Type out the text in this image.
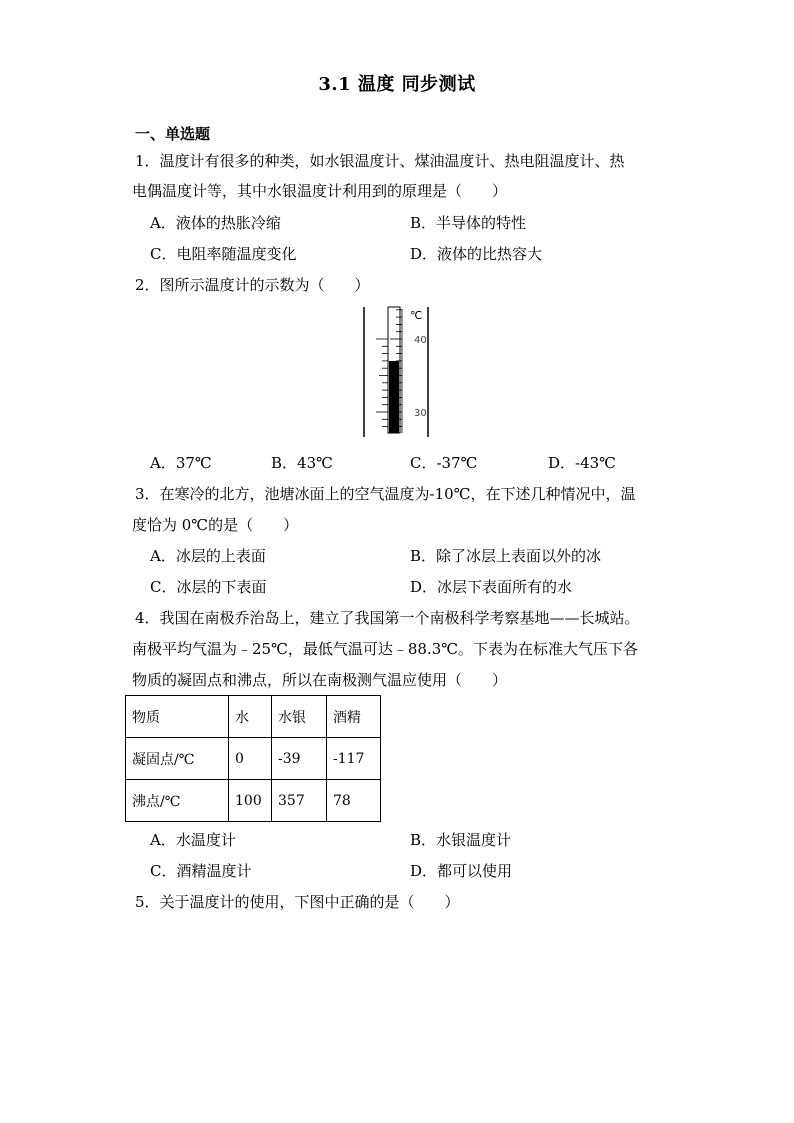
3.1 温度 同步测试
一、单选题
1．温度计有很多的种类，如水银温度计、煤油温度计、热电阻温度计、热
电偶温度计等，其中水银温度计利用到的原理是（　　）
A．液体的热胀冷缩	B．半导体的特性
C．电阻率随温度变化	D．液体的比热容大
2．图所示温度计的示数为（　　）
℃
40
30
A．37℃	B．43℃	C．-37℃	D．-43℃
3．在寒冷的北方，池塘冰面上的空气温度为-10℃，在下述几种情况中，温
度恰为 0℃的是（　　）
A．冰层的上表面	B．除了冰层上表面以外的冰
C．冰层的下表面	D．冰层下表面所有的水
4．我国在南极乔治岛上，建立了我国第一个南极科学考察基地——长城站。
南极平均气温为﹣25℃，最低气温可达﹣88.3℃。下表为在标准大气压下各
物质的凝固点和沸点，所以在南极测气温应使用（　　）
物质	水	水银	酒精
凝固点/℃	0	-39	-117
沸点/℃	100	357	78
A．水温度计	B．水银温度计
C．酒精温度计	D．都可以使用
5．关于温度计的使用，下图中正确的是（　　）
